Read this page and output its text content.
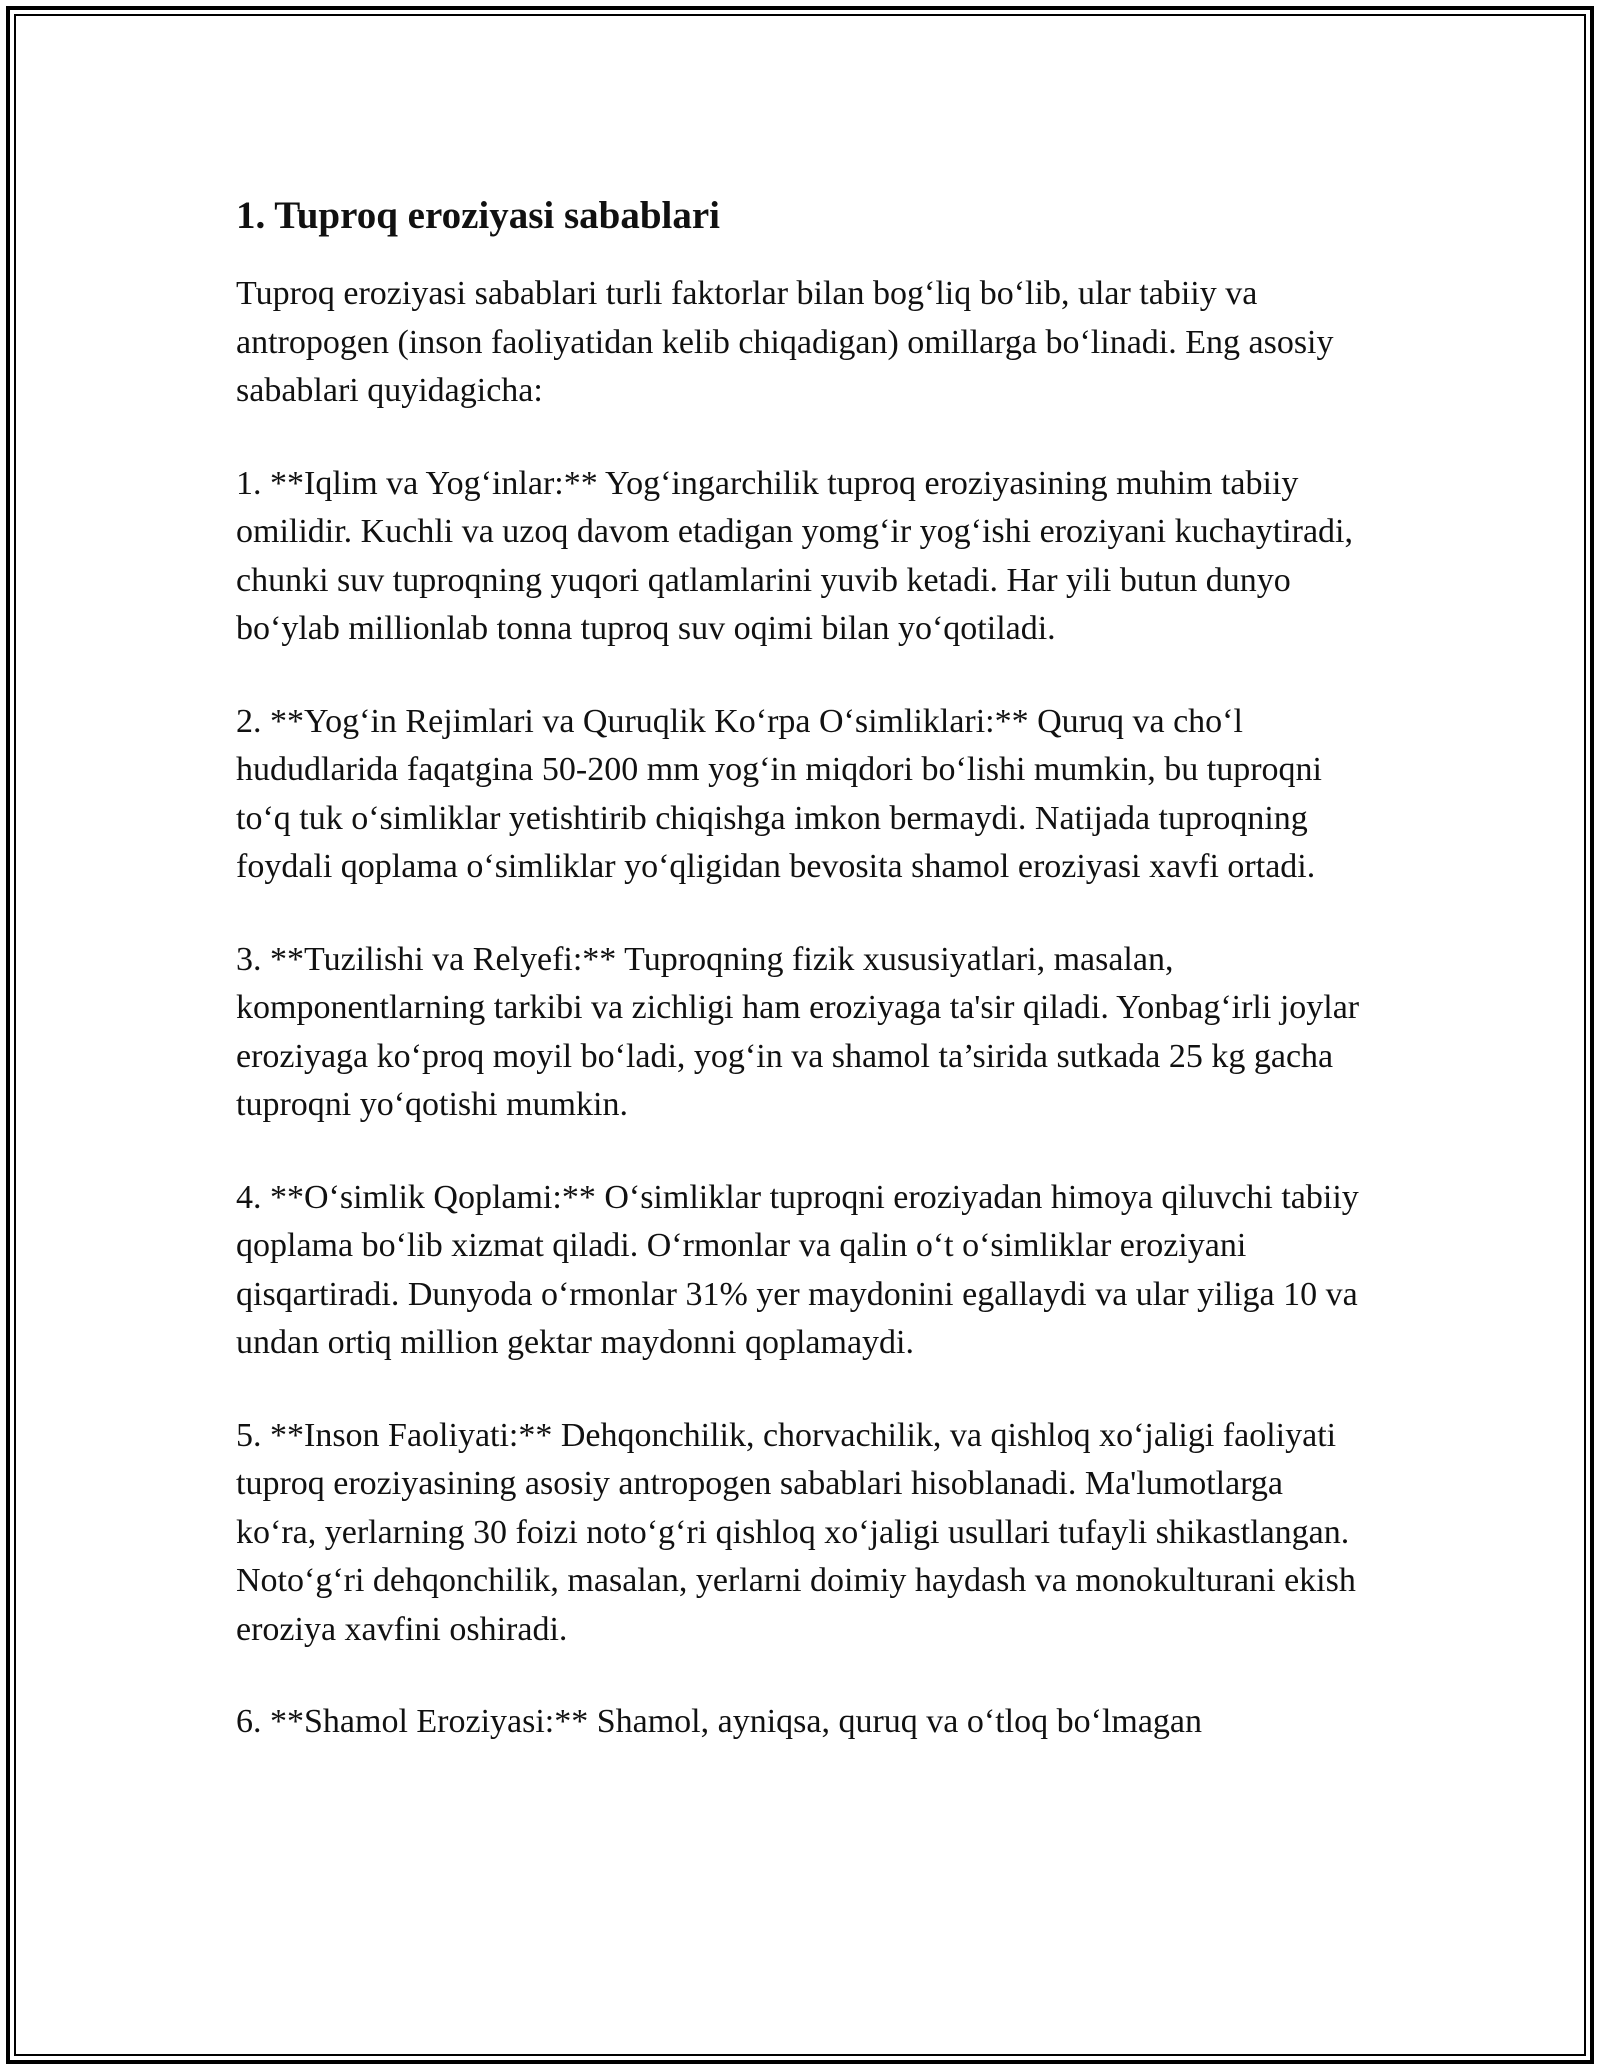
1. Tuproq eroziyasi sabablari

Tuproq eroziyasi sabablari turli faktorlar bilan bog‘liq bo‘lib, ular tabiiy va antropogen (inson faoliyatidan kelib chiqadigan) omillarga bo‘linadi. Eng asosiy sabablari quyidagicha:

1. **Iqlim va Yog‘inlar:** Yog‘ingarchilik tuproq eroziyasining muhim tabiiy omilidir. Kuchli va uzoq davom etadigan yomg‘ir yog‘ishi eroziyani kuchaytiradi, chunki suv tuproqning yuqori qatlamlarini yuvib ketadi. Har yili butun dunyo bo‘ylab millionlab tonna tuproq suv oqimi bilan yo‘qotiladi.

2. **Yog‘in Rejimlari va Quruqlik Ko‘rpa O‘simliklari:** Quruq va cho‘l hududlarida faqatgina 50-200 mm yog‘in miqdori bo‘lishi mumkin, bu tuproqni to‘q tuk o‘simliklar yetishtirib chiqishga imkon bermaydi. Natijada tuproqning foydali qoplama o‘simliklar yo‘qligidan bevosita shamol eroziyasi xavfi ortadi.

3. **Tuzilishi va Relyefi:** Tuproqning fizik xususiyatlari, masalan, komponentlarning tarkibi va zichligi ham eroziyaga ta'sir qiladi. Yonbag‘irli joylar eroziyaga ko‘proq moyil bo‘ladi, yog‘in va shamol ta’sirida sutkada 25 kg gacha tuproqni yo‘qotishi mumkin.

4. **O‘simlik Qoplami:** O‘simliklar tuproqni eroziyadan himoya qiluvchi tabiiy qoplama bo‘lib xizmat qiladi. O‘rmonlar va qalin o‘t o‘simliklar eroziyani qisqartiradi. Dunyoda o‘rmonlar 31% yer maydonini egallaydi va ular yiliga 10 va undan ortiq million gektar maydonni qoplamaydi.

5. **Inson Faoliyati:** Dehqonchilik, chorvachilik, va qishloq xo‘jaligi faoliyati tuproq eroziyasining asosiy antropogen sabablari hisoblanadi. Ma'lumotlarga ko‘ra, yerlarning 30 foizi noto‘g‘ri qishloq xo‘jaligi usullari tufayli shikastlangan. Noto‘g‘ri dehqonchilik, masalan, yerlarni doimiy haydash va monokulturani ekish eroziya xavfini oshiradi.

6. **Shamol Eroziyasi:** Shamol, ayniqsa, quruq va o‘tloq bo‘lmagan
